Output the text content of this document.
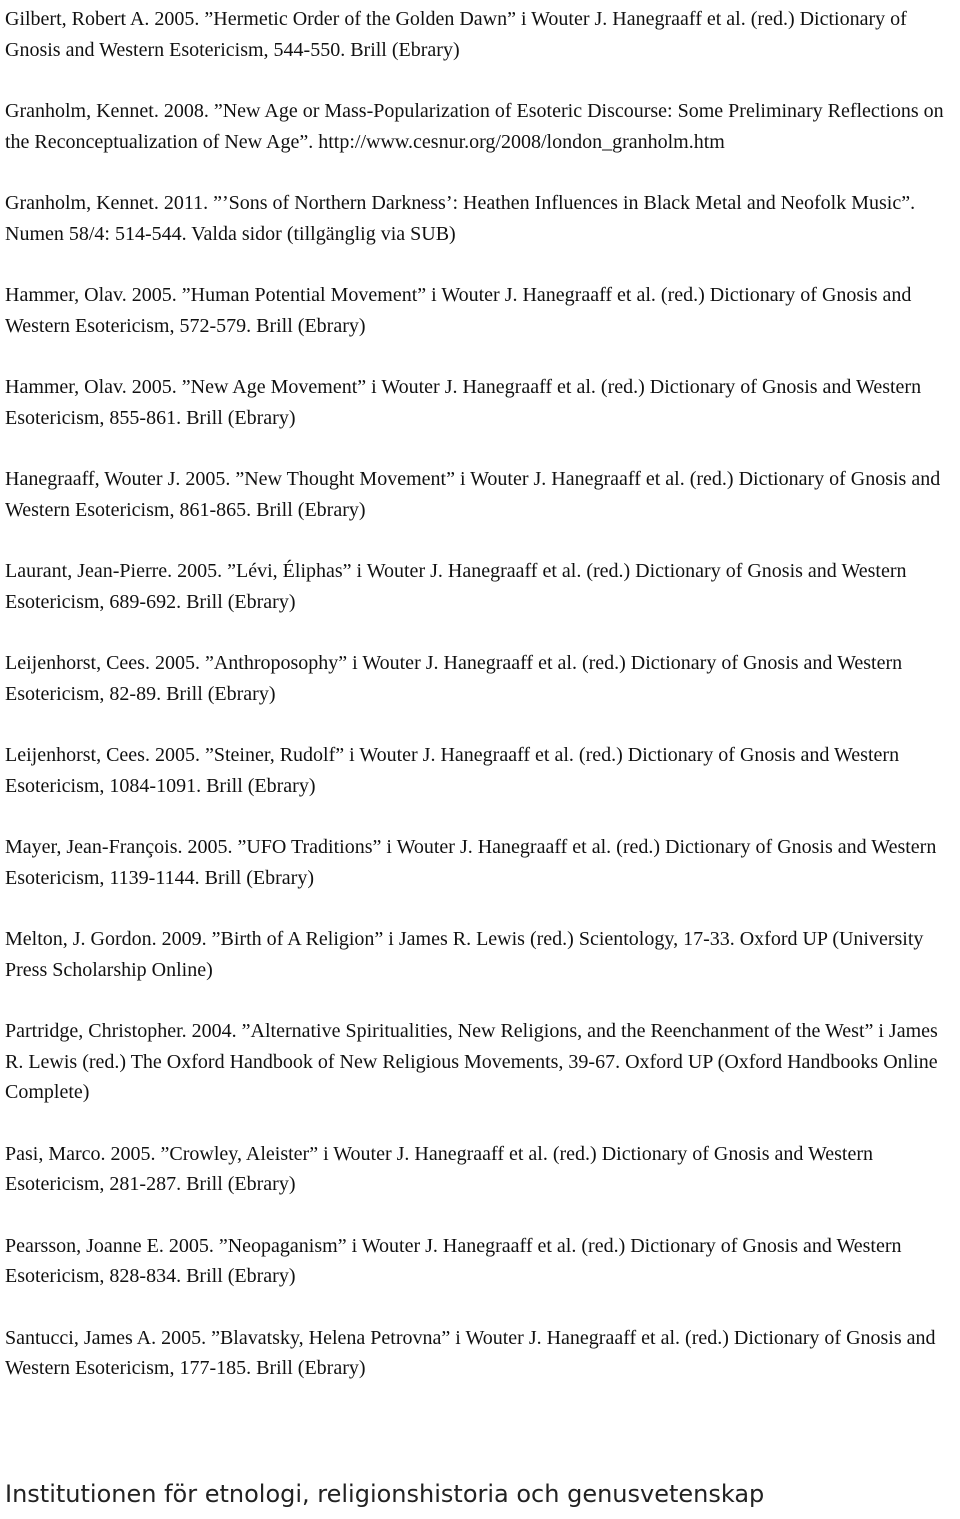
Gilbert, Robert A. 2005. ”Hermetic Order of the Golden Dawn” i Wouter J. Hanegraaff et al. (red.) Dictionary of Gnosis and Western Esotericism, 544-550. Brill (Ebrary)

Granholm, Kennet. 2008. ”New Age or Mass-Popularization of Esoteric Discourse: Some Preliminary Reflections on the Reconceptualization of New Age”. http://www.cesnur.org/2008/london_granholm.htm

Granholm, Kennet. 2011. ”’Sons of Northern Darkness’: Heathen Influences in Black Metal and Neofolk Music”. Numen 58/4: 514-544. Valda sidor (tillgänglig via SUB)

Hammer, Olav. 2005. ”Human Potential Movement” i Wouter J. Hanegraaff et al. (red.) Dictionary of Gnosis and Western Esotericism, 572-579. Brill (Ebrary)

Hammer, Olav. 2005. ”New Age Movement” i Wouter J. Hanegraaff et al. (red.) Dictionary of Gnosis and Western Esotericism, 855-861. Brill (Ebrary)

Hanegraaff, Wouter J. 2005. ”New Thought Movement” i Wouter J. Hanegraaff et al. (red.) Dictionary of Gnosis and Western Esotericism, 861-865. Brill (Ebrary)

Laurant, Jean-Pierre. 2005. ”Lévi, Éliphas” i Wouter J. Hanegraaff et al. (red.) Dictionary of Gnosis and Western Esotericism, 689-692. Brill (Ebrary)

Leijenhorst, Cees. 2005. ”Anthroposophy” i Wouter J. Hanegraaff et al. (red.) Dictionary of Gnosis and Western Esotericism, 82-89. Brill (Ebrary)

Leijenhorst, Cees. 2005. ”Steiner, Rudolf” i Wouter J. Hanegraaff et al. (red.) Dictionary of Gnosis and Western Esotericism, 1084-1091. Brill (Ebrary)

Mayer, Jean-François. 2005. ”UFO Traditions” i Wouter J. Hanegraaff et al. (red.) Dictionary of Gnosis and Western Esotericism, 1139-1144. Brill (Ebrary)

Melton, J. Gordon. 2009. ”Birth of A Religion” i James R. Lewis (red.) Scientology, 17-33. Oxford UP (University Press Scholarship Online)

Partridge, Christopher. 2004. ”Alternative Spiritualities, New Religions, and the Reenchanment of the West” i James R. Lewis (red.) The Oxford Handbook of New Religious Movements, 39-67. Oxford UP (Oxford Handbooks Online Complete)

Pasi, Marco. 2005. ”Crowley, Aleister” i Wouter J. Hanegraaff et al. (red.) Dictionary of Gnosis and Western Esotericism, 281-287. Brill (Ebrary)

Pearsson, Joanne E. 2005. ”Neopaganism” i Wouter J. Hanegraaff et al. (red.) Dictionary of Gnosis and Western Esotericism, 828-834. Brill (Ebrary)

Santucci, James A. 2005. ”Blavatsky, Helena Petrovna” i Wouter J. Hanegraaff et al. (red.) Dictionary of Gnosis and Western Esotericism, 177-185. Brill (Ebrary)

Institutionen för etnologi, religionshistoria och genusvetenskap
